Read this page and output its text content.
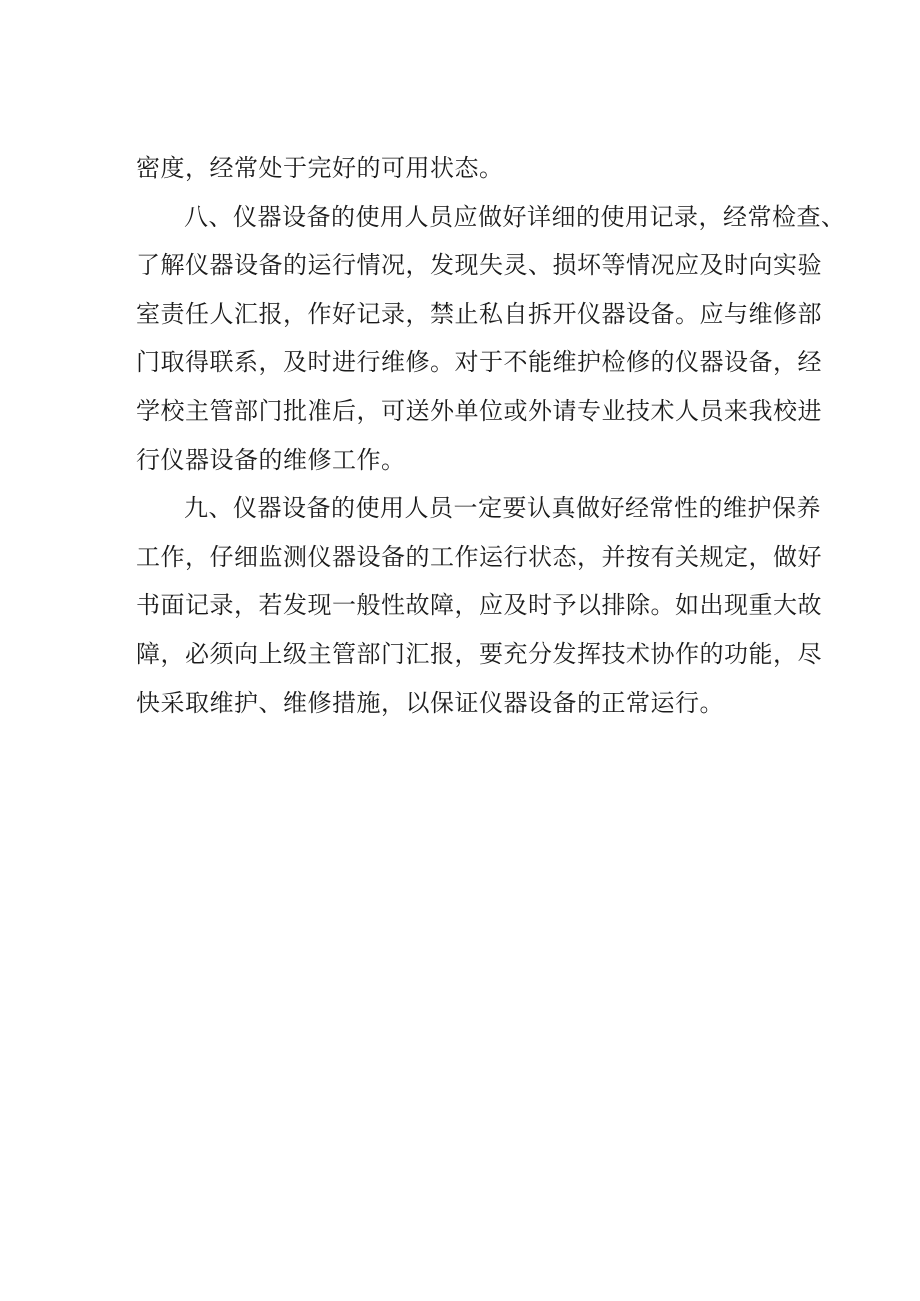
密度，经常处于完好的可用状态。

八、仪器设备的使用人员应做好详细的使用记录，经常检查、
了解仪器设备的运行情况，发现失灵、损坏等情况应及时向实验
室责任人汇报，作好记录，禁止私自拆开仪器设备。应与维修部
门取得联系，及时进行维修。对于不能维护检修的仪器设备，经
学校主管部门批准后，可送外单位或外请专业技术人员来我校进
行仪器设备的维修工作。

九、仪器设备的使用人员一定要认真做好经常性的维护保养
工作，仔细监测仪器设备的工作运行状态，并按有关规定，做好
书面记录，若发现一般性故障，应及时予以排除。如出现重大故
障，必须向上级主管部门汇报，要充分发挥技术协作的功能，尽
快采取维护、维修措施，以保证仪器设备的正常运行。
